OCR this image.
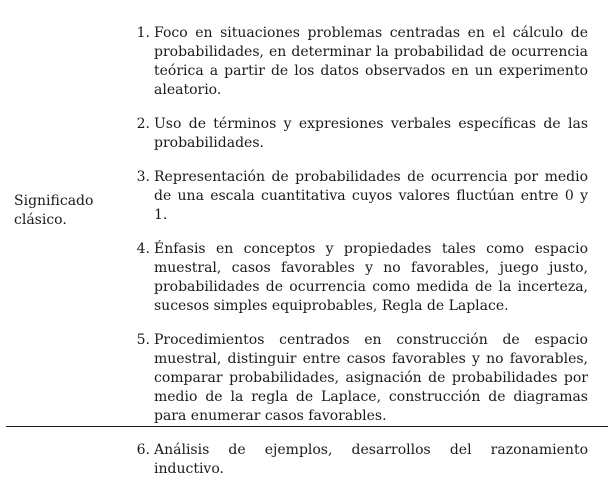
Significado clásico.
1. Foco en situaciones problemas centradas en el cálculo de probabilidades, en determinar la probabilidad de ocurrencia teórica a partir de los datos observados en un experimento aleatorio.
2. Uso de términos y expresiones verbales específicas de las probabilidades.
3. Representación de probabilidades de ocurrencia por medio de una escala cuantitativa cuyos valores fluctúan entre 0 y 1.
4. Énfasis en conceptos y propiedades tales como espacio muestral, casos favorables y no favorables, juego justo, probabilidades de ocurrencia como medida de la incerteza, sucesos simples equiprobables, Regla de Laplace.
5. Procedimientos centrados en construcción de espacio muestral, distinguir entre casos favorables y no favorables, comparar probabilidades, asignación de probabilidades por medio de la regla de Laplace, construcción de diagramas para enumerar casos favorables.
6. Análisis de ejemplos, desarrollos del razonamiento inductivo.
